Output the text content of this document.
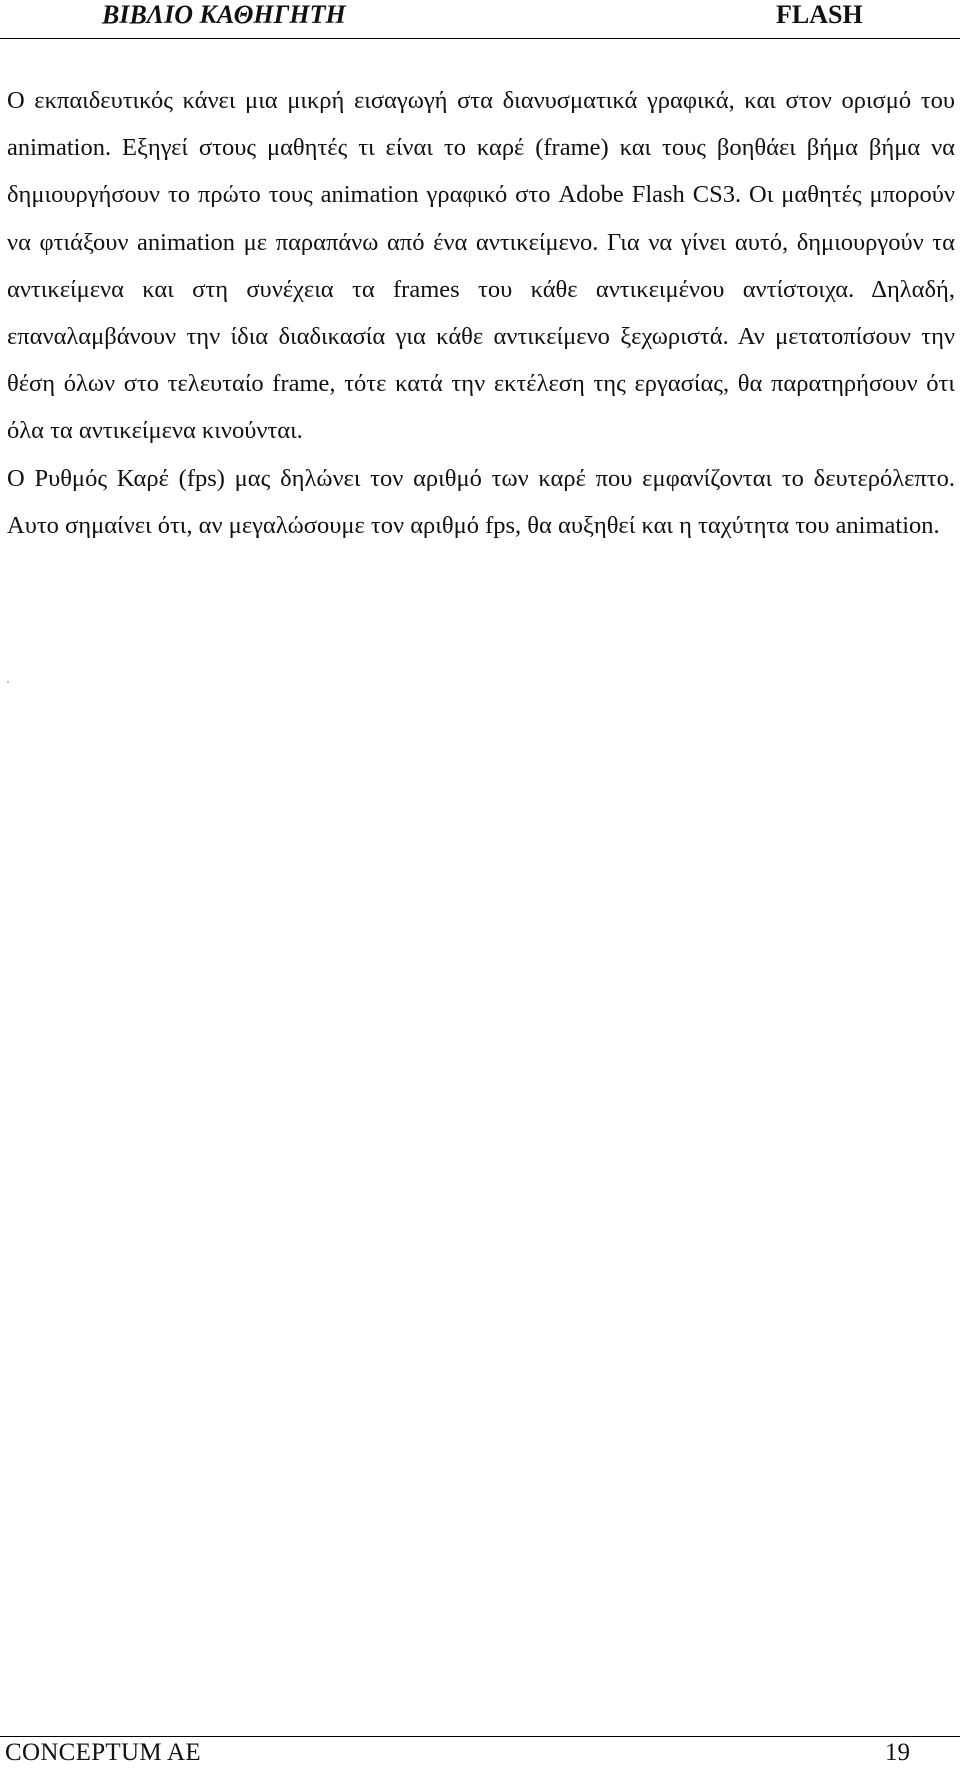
ΒΙΒΛΙΟ ΚΑΘΗΓΗΤΗ	FLASH

Ο εκπαιδευτικός κάνει μια μικρή εισαγωγή στα διανυσματικά γραφικά, και στον ορισμό του animation. Εξηγεί στους μαθητές τι είναι το καρέ (frame) και τους βοηθάει βήμα βήμα να δημιουργήσουν το πρώτο τους animation γραφικό στο Adobe Flash CS3. Οι μαθητές μπορούν να φτιάξουν animation με παραπάνω από ένα αντικείμενο. Για να γίνει αυτό, δημιουργούν τα αντικείμενα και στη συνέχεια τα frames του κάθε αντικειμένου αντίστοιχα. Δηλαδή, επαναλαμβάνουν την ίδια διαδικασία για κάθε αντικείμενο ξεχωριστά. Αν μετατοπίσουν την θέση όλων στο τελευταίο frame, τότε κατά την εκτέλεση της εργασίας, θα παρατηρήσουν ότι όλα τα αντικείμενα κινούνται.

Ο Ρυθμός Καρέ (fps) μας δηλώνει τον αριθμό των καρέ που εμφανίζονται το δευτερόλεπτο. Αυτο σημαίνει ότι, αν μεγαλώσουμε τον αριθμό fps, θα αυξηθεί και η ταχύτητα του animation.

CONCEPTUM AE	19
